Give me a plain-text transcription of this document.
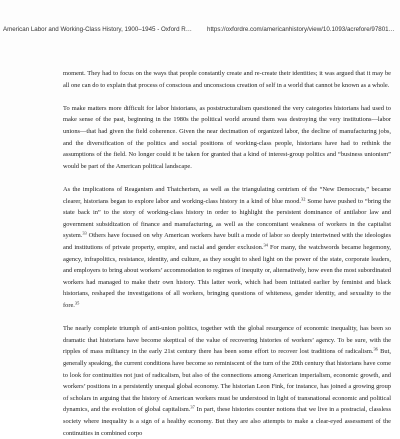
American Labor and Working-Class History, 1900–1945 - Oxford R… https://oxfordre.com/americanhistory/view/10.1093/acrefore/97801…

moment. They had to focus on the ways that people constantly create and re-create their identities; it was argued that it may be all one can do to explain that process of conscious and unconscious creation of self in a world that cannot be known as a whole.

To make matters more difficult for labor historians, as poststructuralism questioned the very categories historians had used to make sense of the past, beginning in the 1980s the political world around them was destroying the very institutions—labor unions—that had given the field coherence. Given the near decimation of organized labor, the decline of manufacturing jobs, and the diversification of the politics and social positions of working-class people, historians have had to rethink the assumptions of the field. No longer could it be taken for granted that a kind of interest-group politics and “business unionism” would be part of the American political landscape.

As the implications of Reaganism and Thatcherism, as well as the triangulating centrism of the “New Democrats,” became clearer, historians began to explore labor and working-class history in a kind of blue mood.$^{32}$ Some have pushed to “bring the state back in” to the story of working-class history in order to highlight the persistent dominance of antilabor law and government subsidization of finance and manufacturing, as well as the concomitant weakness of workers in the capitalist system.$^{33}$ Others have focused on why American workers have built a mode of labor so deeply intertwined with the ideologies and institutions of private property, empire, and racial and gender exclusion.$^{34}$ For many, the watchwords became hegemony, agency, infrapolitics, resistance, identity, and culture, as they sought to shed light on the power of the state, corporate leaders, and employers to bring about workers’ accommodation to regimes of inequity or, alternatively, how even the most subordinated workers had managed to make their own history. This latter work, which had been initiated earlier by feminist and black historians, reshaped the investigations of all workers, bringing questions of whiteness, gender identity, and sexuality to the fore.$^{35}$

The nearly complete triumph of anti-union politics, together with the global resurgence of economic inequality, has been so dramatic that historians have become skeptical of the value of recovering histories of workers’ agency. To be sure, with the ripples of mass militancy in the early 21st century there has been some effort to recover lost traditions of radicalism.$^{36}$ But, generally speaking, the current conditions have become so reminiscent of the turn of the 20th century that historians have come to look for continuities not just of radicalism, but also of the connections among American imperialism, economic growth, and workers’ positions in a persistently unequal global economy. The historian Leon Fink, for instance, has joined a growing group of scholars in arguing that the history of American workers must be understood in light of transnational economic and political dynamics, and the evolution of global capitalism.$^{37}$ In part, these histories counter notions that we live in a postracial, classless society where inequality is a sign of a healthy economy. But they are also attempts to make a clear-eyed assessment of the continuities in combined corpo
